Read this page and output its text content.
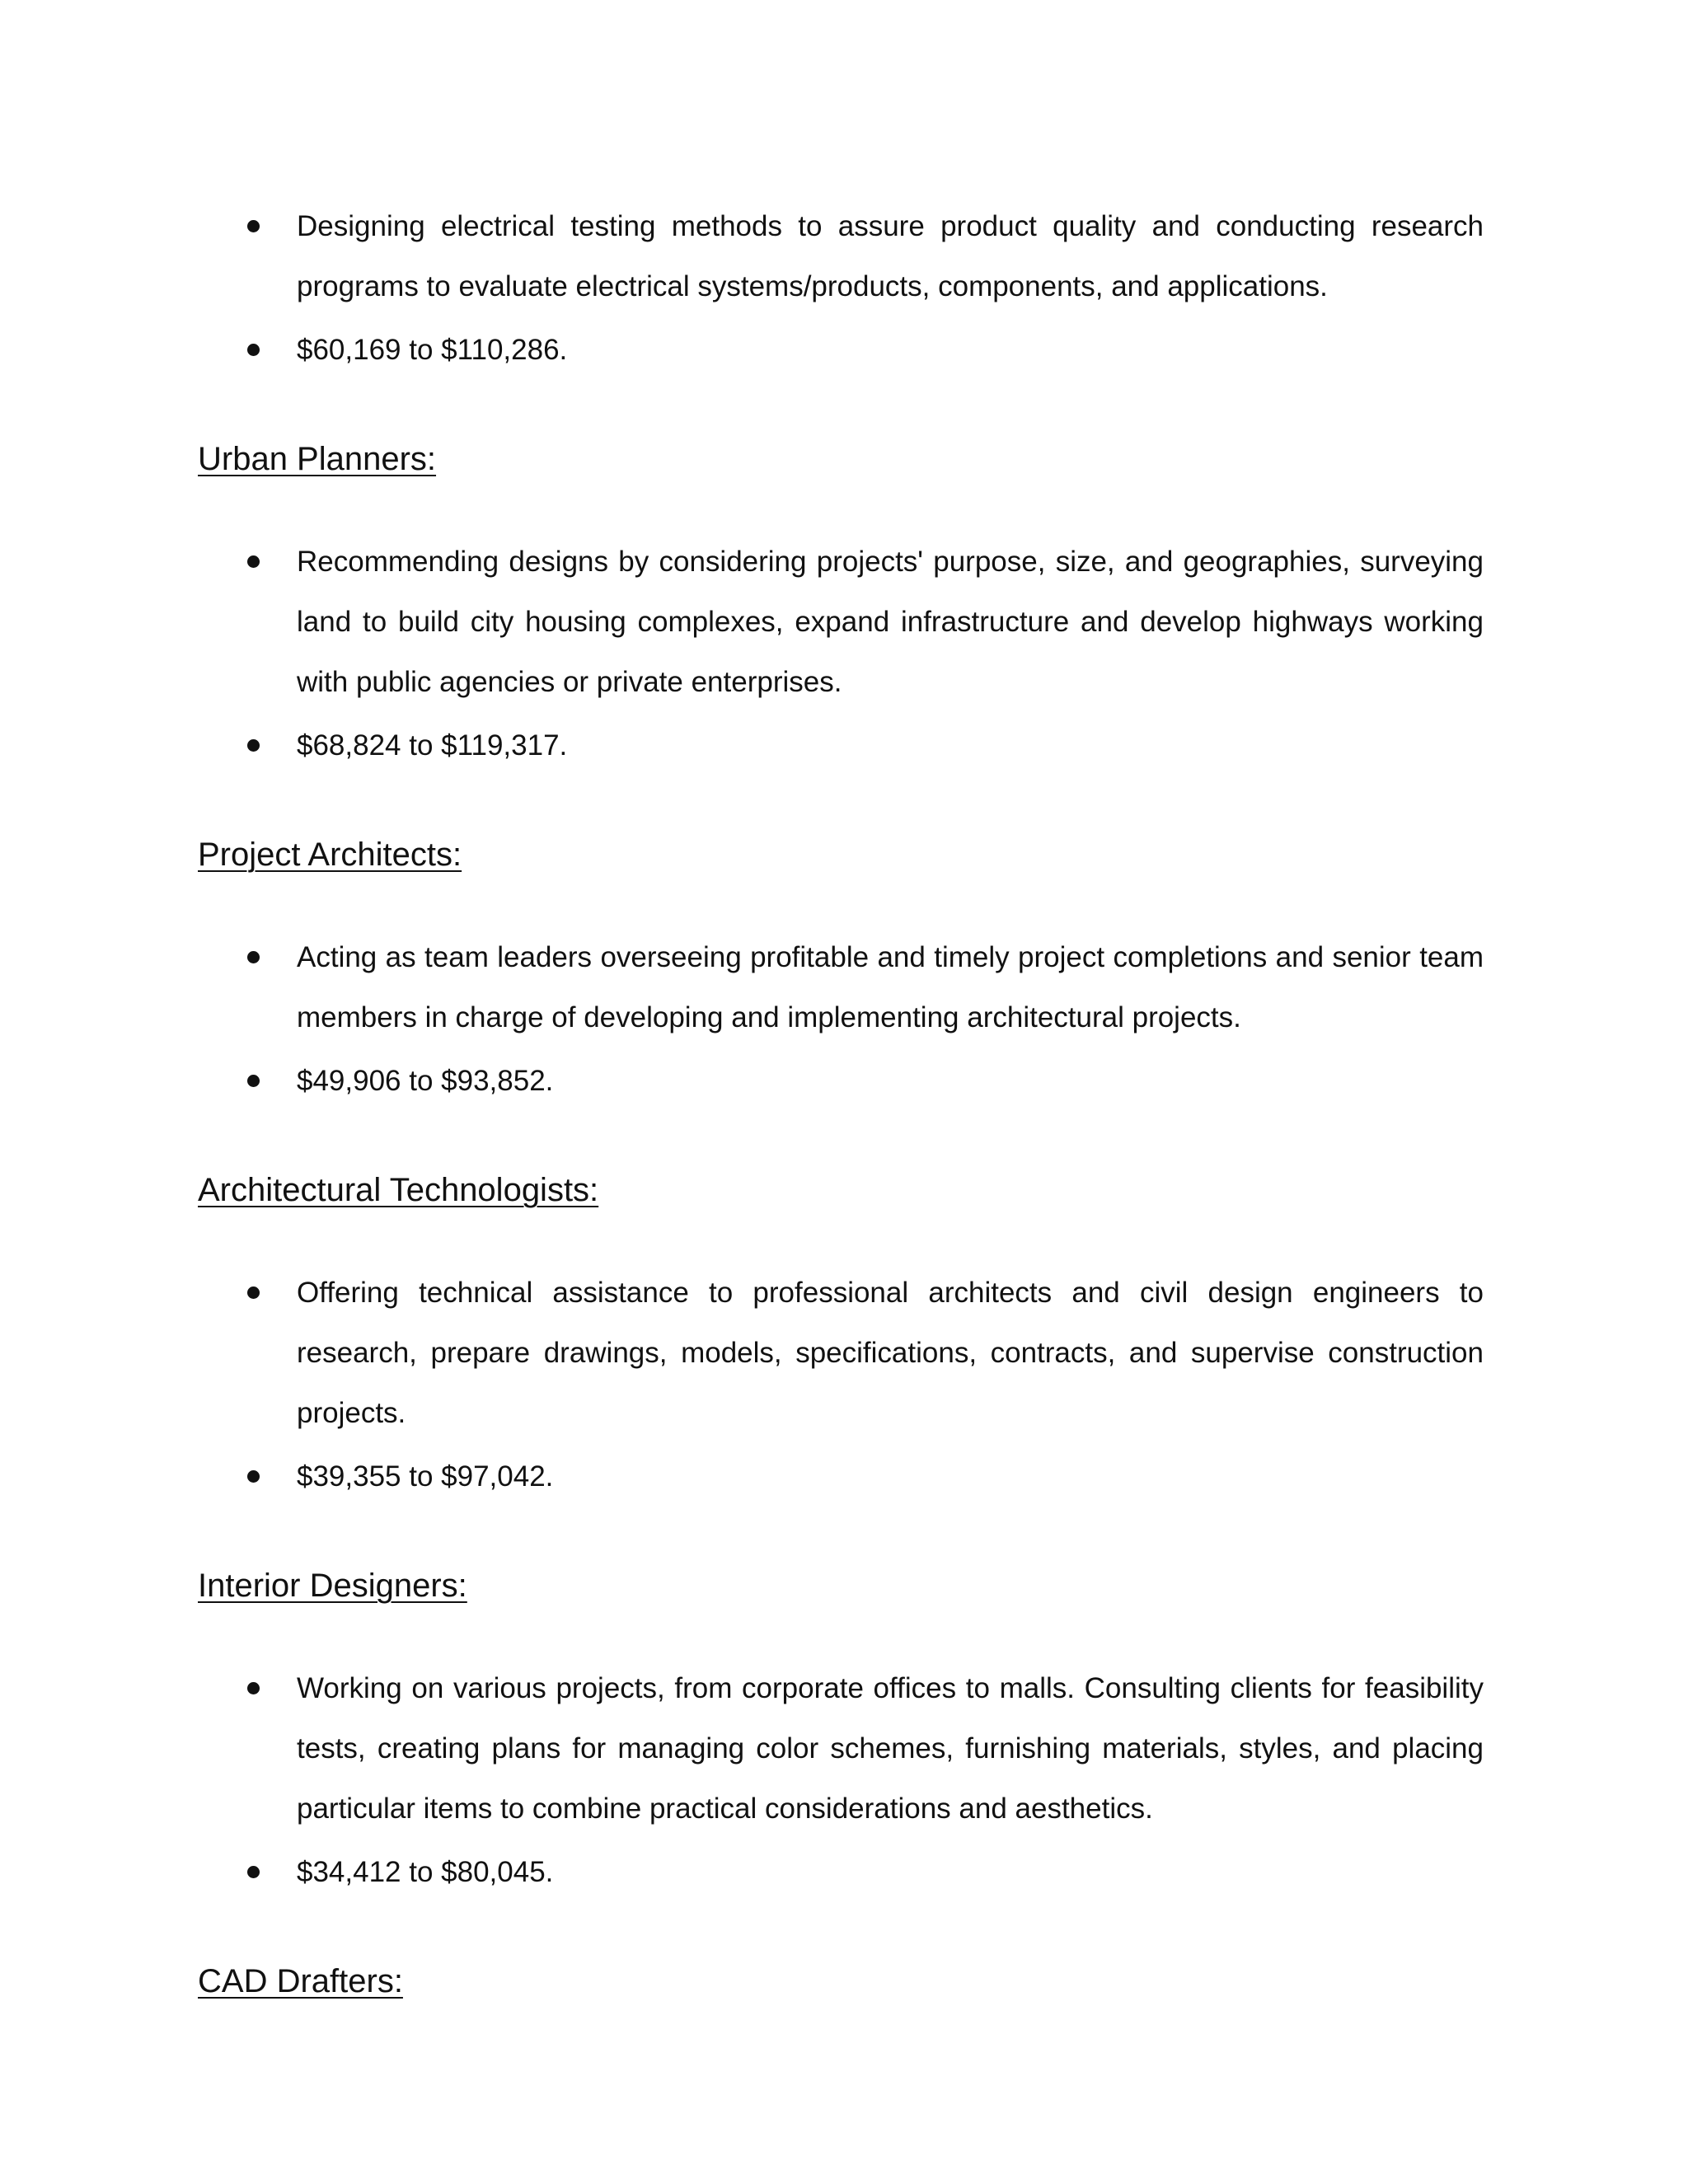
Designing electrical testing methods to assure product quality and conducting research programs to evaluate electrical systems/products, components, and applications.
$60,169 to $110,286.
Urban Planners:
Recommending designs by considering projects' purpose, size, and geographies, surveying land to build city housing complexes, expand infrastructure and develop highways working with public agencies or private enterprises.
$68,824 to $119,317.
Project Architects:
Acting as team leaders overseeing profitable and timely project completions and senior team members in charge of developing and implementing architectural projects.
$49,906 to $93,852.
Architectural Technologists:
Offering technical assistance to professional architects and civil design engineers to research, prepare drawings, models, specifications, contracts, and supervise construction projects.
$39,355 to $97,042.
Interior Designers:
Working on various projects, from corporate offices to malls. Consulting clients for feasibility tests, creating plans for managing color schemes, furnishing materials, styles, and placing particular items to combine practical considerations and aesthetics.
$34,412 to $80,045.
CAD Drafters:
